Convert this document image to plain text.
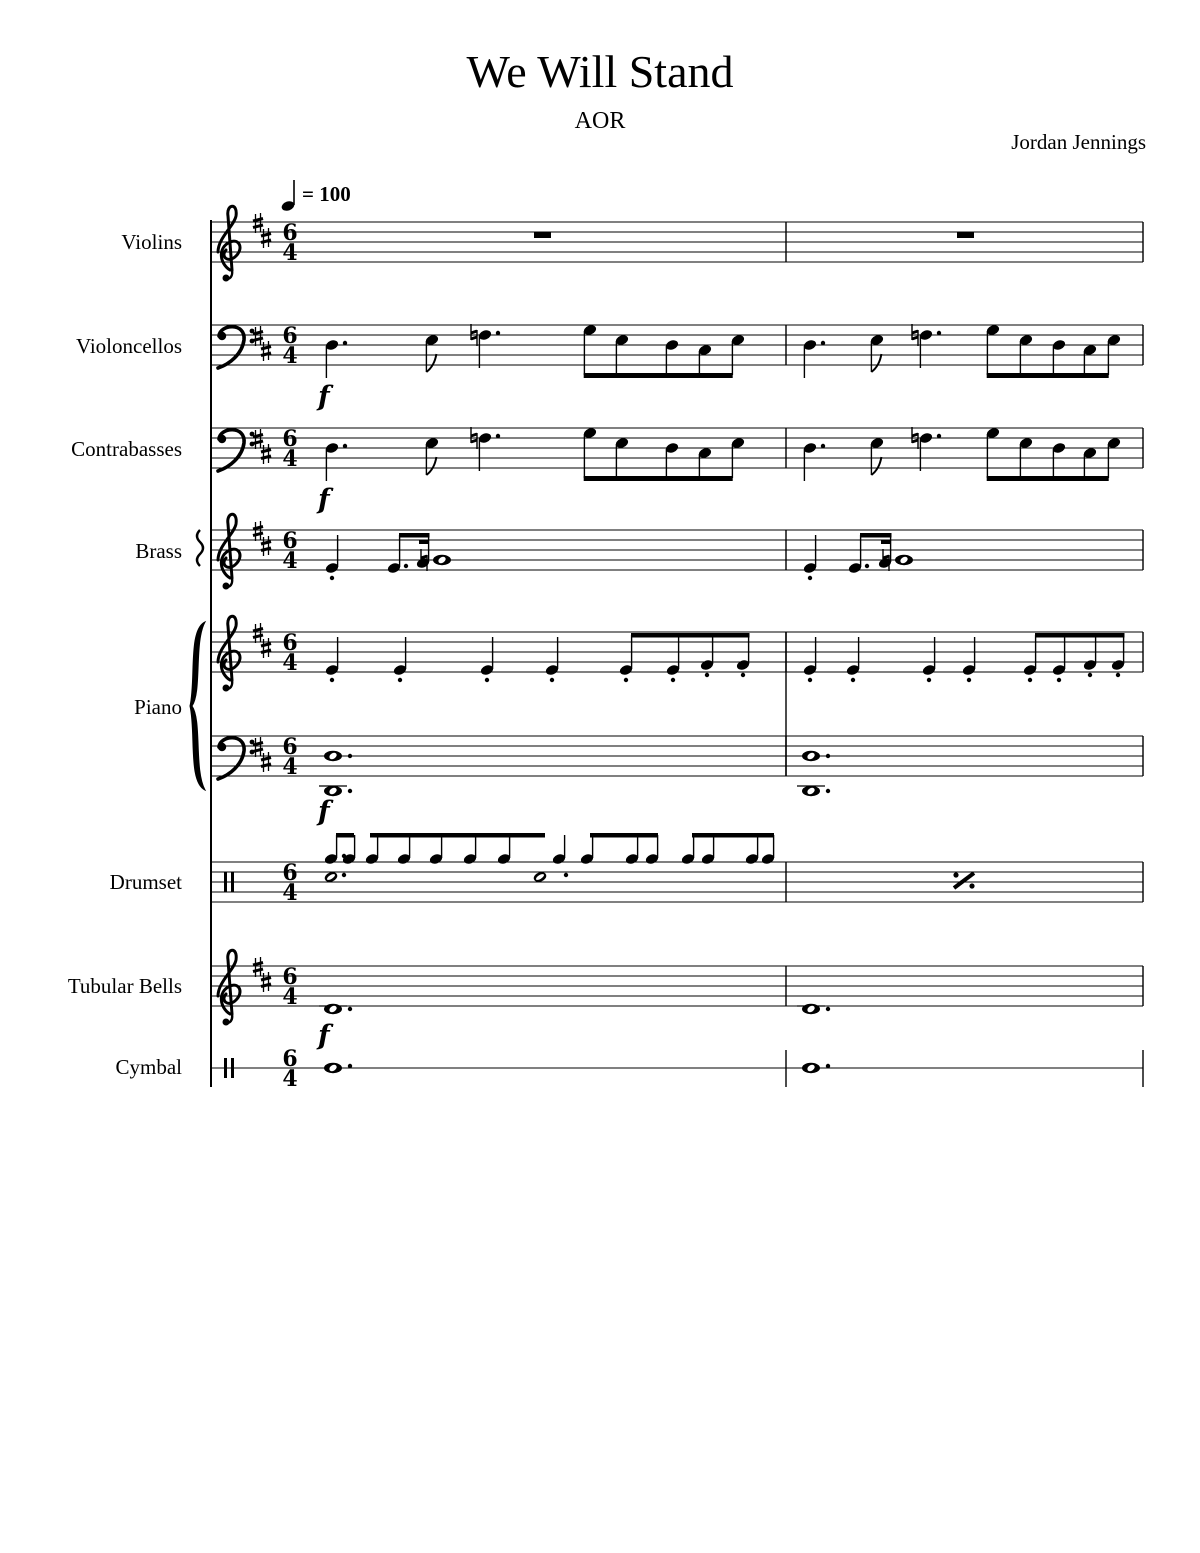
We Will Stand
AOR
Jordan Jennings
= 100
Violins
Violoncellos
Contrabasses
Brass
Piano
Drumset
Tubular Bells
Cymbal
f
f
f
f
6
4
6
4
6
4
6
4
6
4
6
4
6
4
6
4
6
4
